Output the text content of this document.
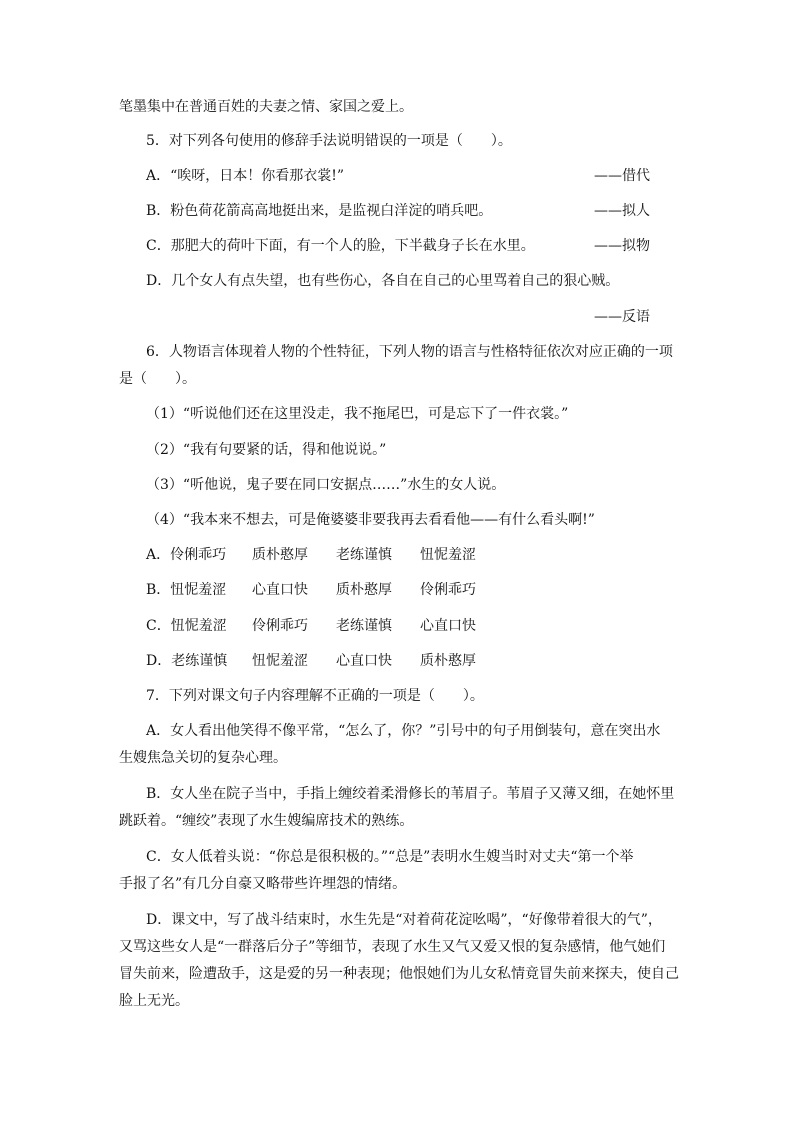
笔墨集中在普通百姓的夫妻之情、家国之爱上。
5．对下列各句使用的修辞手法说明错误的一项是（　　）。
A．“唉呀，日本！你看那衣裳!”	——借代
B．粉色荷花箭高高地挺出来，是监视白洋淀的哨兵吧。	——拟人
C．那肥大的荷叶下面，有一个人的脸，下半截身子长在水里。	——拟物
D．几个女人有点失望，也有些伤心，各自在自己的心里骂着自己的狠心贼。
——反语
6．人物语言体现着人物的个性特征，下列人物的语言与性格特征依次对应正确的一项
是（　　）。
（1）“听说他们还在这里没走，我不拖尾巴，可是忘下了一件衣裳。”
（2）“我有句要紧的话，得和他说说。”
（3）“听他说，鬼子要在同口安据点……”水生的女人说。
（4）“我本来不想去，可是俺婆婆非要我再去看看他——有什么看头啊!”
A．伶俐乖巧 质朴憨厚 老练谨慎 忸怩羞涩
B．忸怩羞涩 心直口快 质朴憨厚 伶俐乖巧
C．忸怩羞涩 伶俐乖巧 老练谨慎 心直口快
D．老练谨慎 忸怩羞涩 心直口快 质朴憨厚
7．下列对课文句子内容理解不正确的一项是（　　）。
A．女人看出他笑得不像平常，“怎么了，你？”引号中的句子用倒装句，意在突出水
生嫂焦急关切的复杂心理。
B．女人坐在院子当中，手指上缠绞着柔滑修长的苇眉子。苇眉子又薄又细，在她怀里
跳跃着。“缠绞”表现了水生嫂编席技术的熟练。
C．女人低着头说：“你总是很积极的。”“总是”表明水生嫂当时对丈夫“第一个举
手报了名”有几分自豪又略带些许埋怨的情绪。
D．课文中，写了战斗结束时，水生先是“对着荷花淀吆喝”，“好像带着很大的气”，
又骂这些女人是“一群落后分子”等细节，表现了水生又气又爱又恨的复杂感情，他气她们
冒失前来，险遭敌手，这是爱的另一种表现；他恨她们为儿女私情竟冒失前来探夫，使自己
脸上无光。
